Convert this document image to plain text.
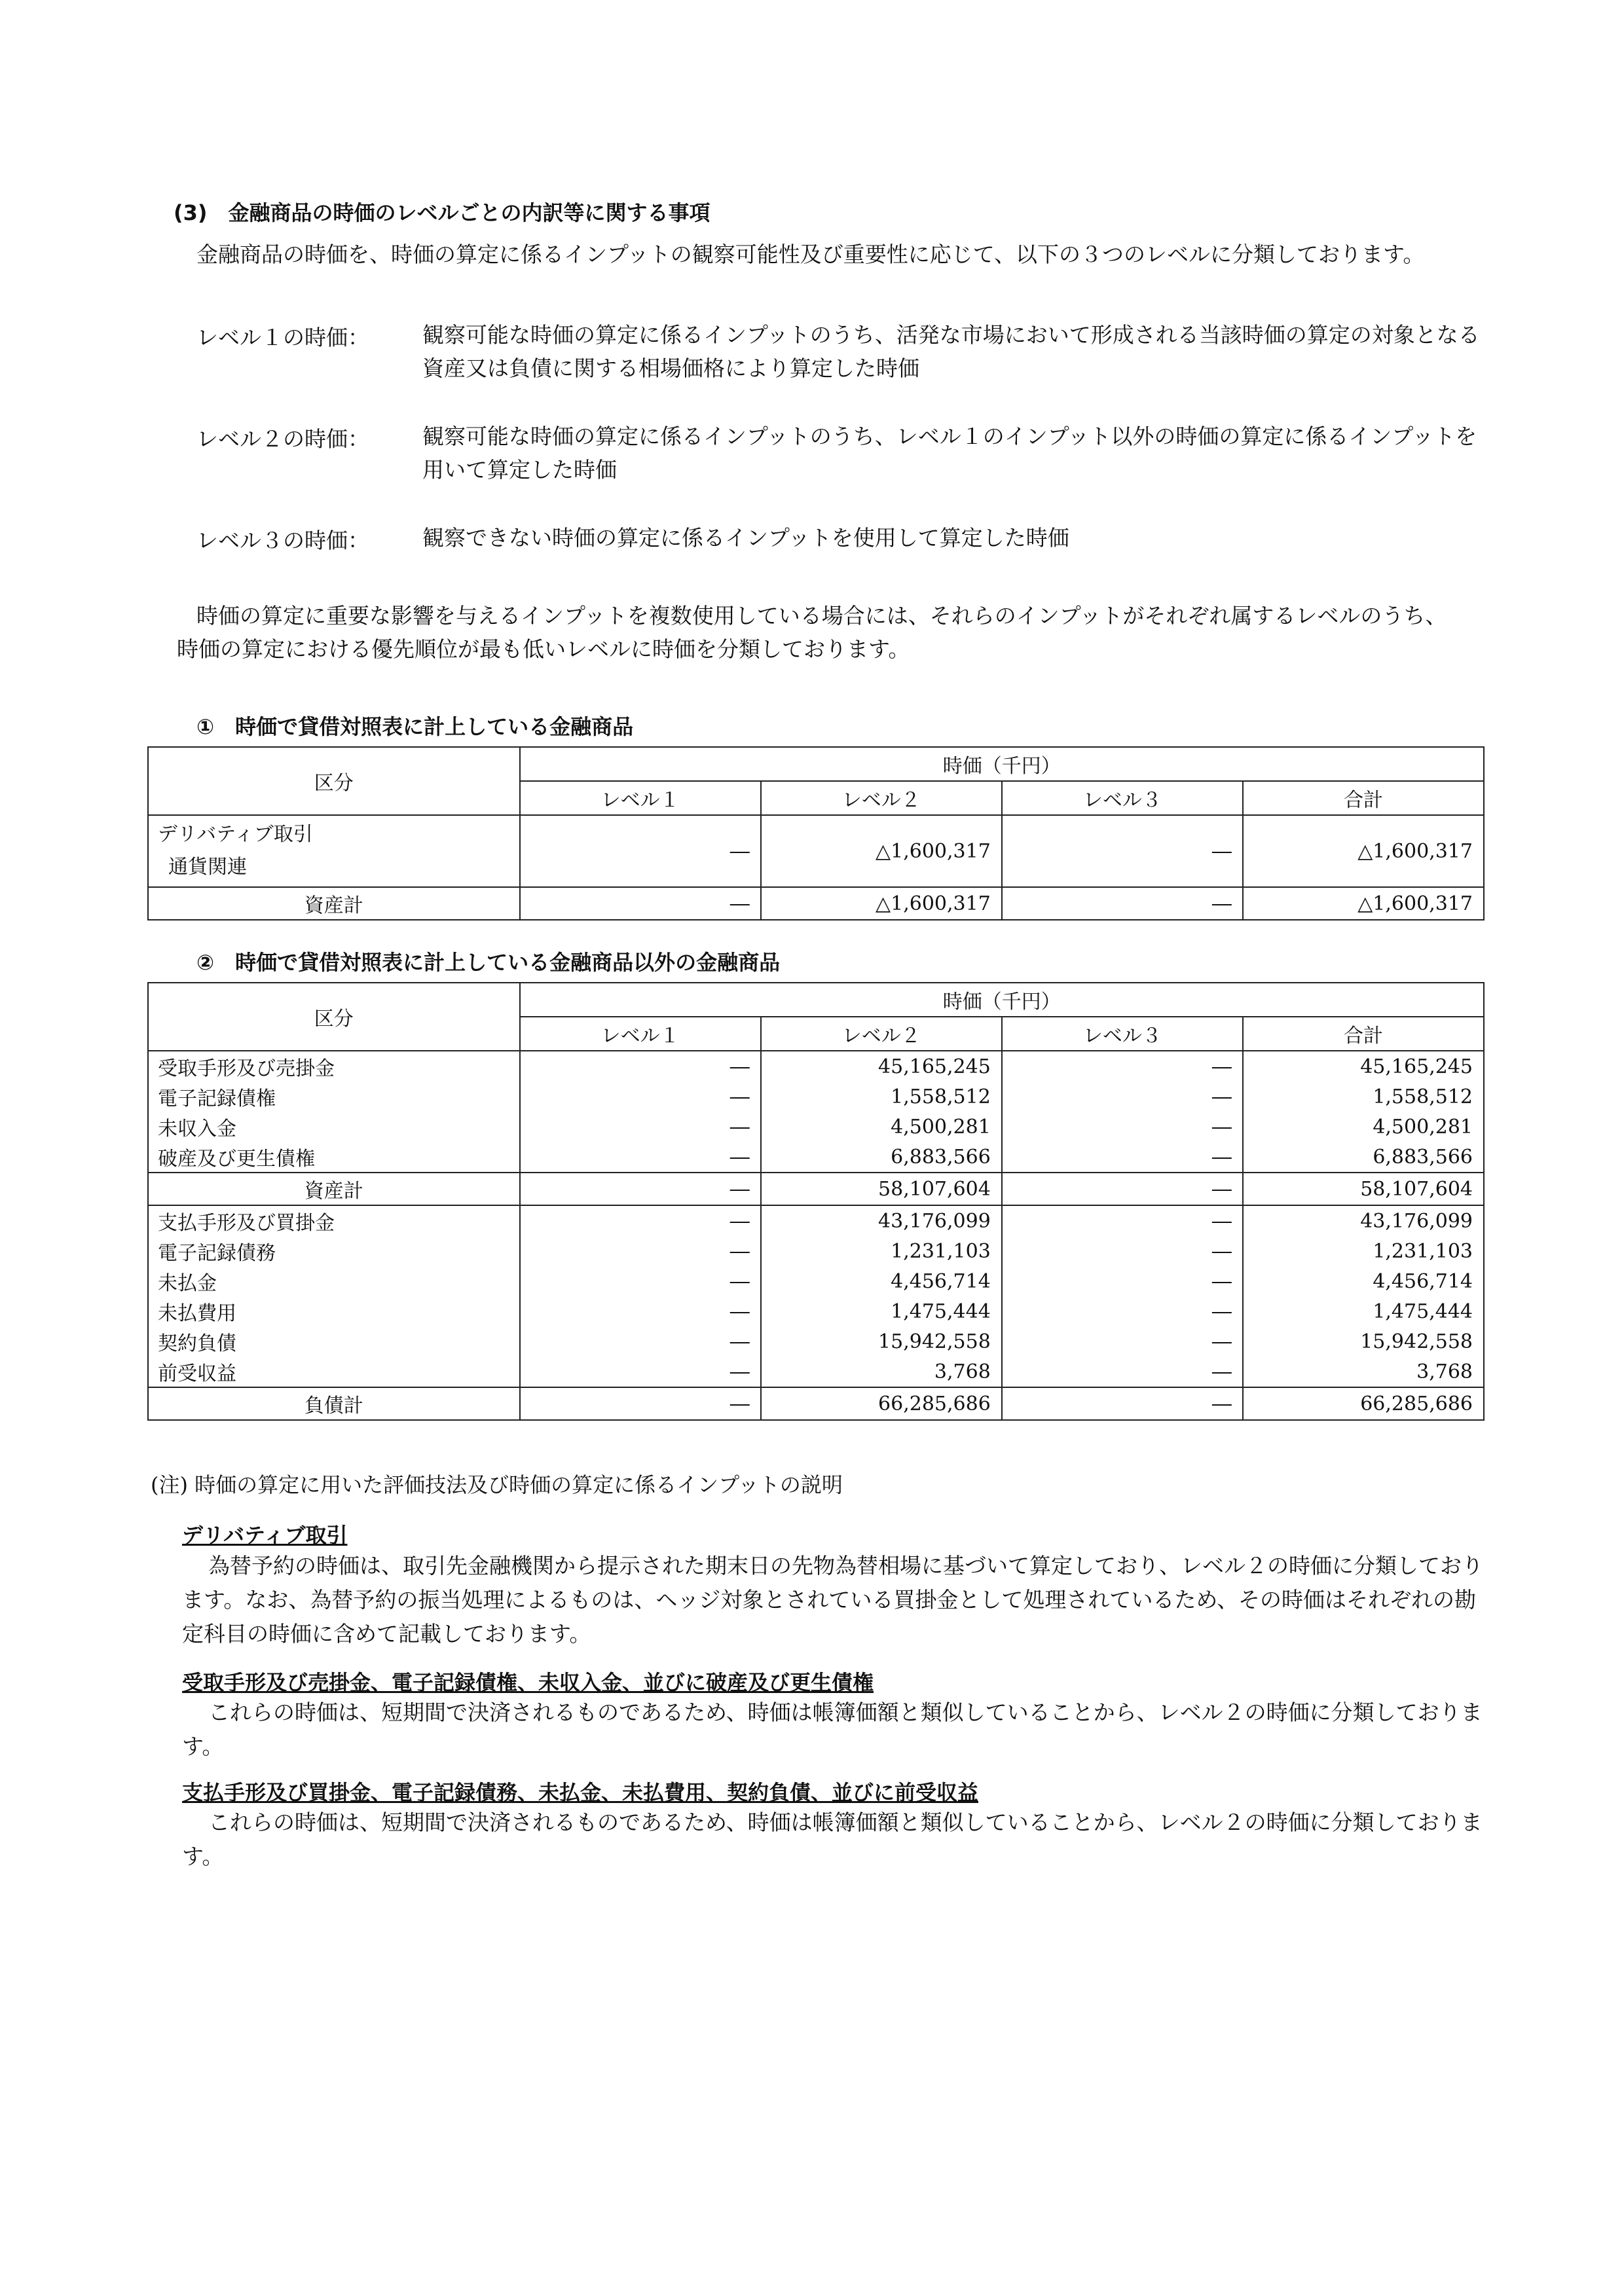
(3)　金融商品の時価のレベルごとの内訳等に関する事項
金融商品の時価を、時価の算定に係るインプットの観察可能性及び重要性に応じて、以下の３つのレベルに分類しております。
レベル１の時価： 観察可能な時価の算定に係るインプットのうち、活発な市場において形成される当該時価の算定の対象となる資産又は負債に関する相場価格により算定した時価
レベル２の時価： 観察可能な時価の算定に係るインプットのうち、レベル１のインプット以外の時価の算定に係るインプットを用いて算定した時価
レベル３の時価： 観察できない時価の算定に係るインプットを使用して算定した時価
時価の算定に重要な影響を与えるインプットを複数使用している場合には、それらのインプットがそれぞれ属するレベルのうち、時価の算定における優先順位が最も低いレベルに時価を分類しております。
①　時価で貸借対照表に計上している金融商品
区分	時価（千円）			
	レベル１	レベル２	レベル３	合計

デリバティブ取引
通貨関連	―	△1,600,317	―	△1,600,317
資産計	―	△1,600,317	―	△1,600,317
②　時価で貸借対照表に計上している金融商品以外の金融商品
区分	時価（千円）			
	レベル１	レベル２	レベル３	合計
受取手形及び売掛金	―	45,165,245	―	45,165,245
電子記録債権	―	1,558,512	―	1,558,512
未収入金	―	4,500,281	―	4,500,281
破産及び更生債権	―	6,883,566	―	6,883,566
資産計	―	58,107,604	―	58,107,604
支払手形及び買掛金	―	43,176,099	―	43,176,099
電子記録債務	―	1,231,103	―	1,231,103
未払金	―	4,456,714	―	4,456,714
未払費用	―	1,475,444	―	1,475,444
契約負債	―	15,942,558	―	15,942,558
前受収益	―	3,768	―	3,768
負債計	―	66,285,686	―	66,285,686
(注) 時価の算定に用いた評価技法及び時価の算定に係るインプットの説明
デリバティブ取引
為替予約の時価は、取引先金融機関から提示された期末日の先物為替相場に基づいて算定しており、レベル２の時価に分類しております。なお、為替予約の振当処理によるものは、ヘッジ対象とされている買掛金として処理されているため、その時価はそれぞれの勘定科目の時価に含めて記載しております。
受取手形及び売掛金、電子記録債権、未収入金、並びに破産及び更生債権
これらの時価は、短期間で決済されるものであるため、時価は帳簿価額と類似していることから、レベル２の時価に分類しております。
支払手形及び買掛金、電子記録債務、未払金、未払費用、契約負債、並びに前受収益
これらの時価は、短期間で決済されるものであるため、時価は帳簿価額と類似していることから、レベル２の時価に分類しております。
